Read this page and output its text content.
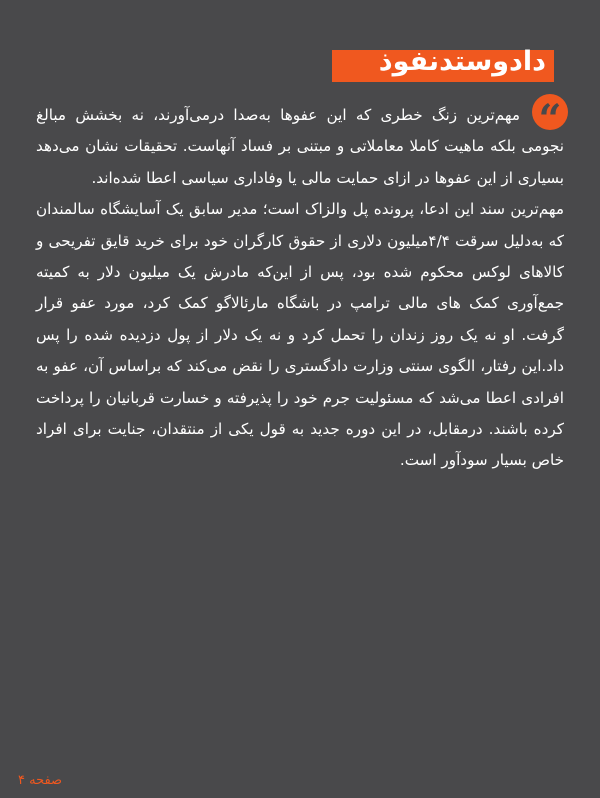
دادوستدنفوذ
“

مهم‌ترین زنگ خطری که این عفوها به‌صدا درمی‌آورند، نه بخشش مبالغ نجومی بلکه ماهیت کاملا معاملاتی و مبتنی بر فساد آنهاست. تحقیقات نشان می‌دهد بسیاری از این عفوها در ازای حمایت مالی یا وفاداری سیاسی اعطا شده‌اند.

مهم‌ترین سند این ادعا، پرونده پل والزاک است؛ مدیر سابق یک آسایشگاه سالمندان که به‌دلیل سرقت ۴/۴میلیون دلاری از حقوق کارگران خود برای خرید قایق تفریحی و کالاهای لوکس محکوم شده بود، پس از این‌که مادرش یک میلیون دلار به کمیته جمع‌آوری کمک های مالی ترامپ در باشگاه مارئالاگو کمک کرد، مورد عفو قرار گرفت. او نه یک روز زندان را تحمل کرد و نه یک دلار از پول دزدیده شده را پس داد.این رفتار، الگوی سنتی وزارت دادگستری را نقض می‌کند که براساس آن، عفو به افرادی اعطا می‌شد که مسئولیت جرم خود را پذیرفته و خسارت قربانیان را پرداخت کرده باشند. درمقابل، در این دوره جدید به قول یکی از منتقدان، جنایت برای افراد خاص بسیار سودآور است.

صفحه ۴
